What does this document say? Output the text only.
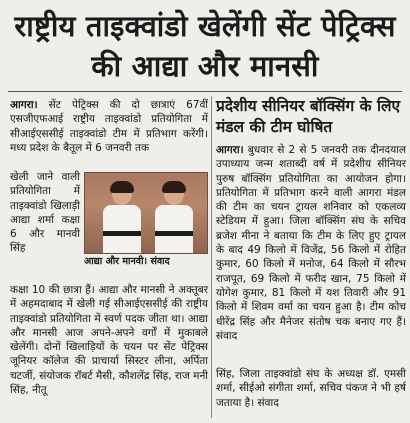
राष्ट्रीय ताइक्वांडो खेलेंगी सेंट पेट्रिक्स की आद्या और मानसी

आगरा। सेंट पेट्रिक्स की दो छात्राएं 67वीं एसजीएफआई राष्ट्रीय ताइक्वांडो प्रतियोगिता में सीआईएससीई ताइक्वांडो टीम में प्रतिभाग करेंगी। मध्य प्रदेश के बैतूल में 6 जनवरी तक

खेली जाने वाली प्रतियोगिता में ताइक्वांडो खिलाड़ी आद्या शर्मा कक्षा 6 और मानवी सिंह

आद्या और मानवी। संवाद

कक्षा 10 की छात्रा हैं। आद्या और मानसी ने अक्तूबर में अहमदाबाद में खेली गई सीआईएससीई की राष्ट्रीय ताइक्वांडो प्रतियोगिता में स्वर्ण पदक जीता था। आद्या और मानसी आज अपने-अपने वर्गों में मुकाबले खेलेंगी। दोनों खिलाड़ियों के चयन पर सेंट पेट्रिक्स जूनियर कॉलेज की प्राचार्या सिस्टर लीना, अर्पिता चटर्जी, संयोजक रॉबर्ट मैसी, कौशलेंद्र सिंह, राज मनी सिंह, नीतू

प्रदेशीय सीनियर बॉक्सिंग के लिए मंडल की टीम घोषित

आगरा। बुधवार से 2 से 5 जनवरी तक दीनदयाल उपाध्याय जन्म शताब्दी वर्ष में प्रदेशीय सीनियर पुरुष बॉक्सिंग प्रतियोगिता का आयोजन होगा। प्रतियोगिता में प्रतिभाग करने वाली आगरा मंडल की टीम का चयन ट्रायल शनिवार को एकलव्य स्टेडियम में हुआ। जिला बॉक्सिंग संघ के सचिव ब्रजेश मीना ने बताया कि टीम के लिए हुए ट्रायल के बाद 49 किलो में विजेंद्र, 56 किलो में रोहित कुमार, 60 किलो में मनोज, 64 किलो में सौरभ राजपूत, 69 किलो में फरीद खान, 75 किलो में योगेश कुमार, 81 किलो में यश तिवारी और 91 किलो में शिवम वर्मा का चयन हुआ है। टीम कोच धीरेंद्र सिंह और मैनेजर संतोष चक बनाए गए हैं। संवाद

सिंह, जिला ताइक्वांडो संघ के अध्यक्ष डॉ. एमसी शर्मा, सीईओ संगीता शर्मा, सचिव पंकज ने भी हर्ष जताया है। संवाद
